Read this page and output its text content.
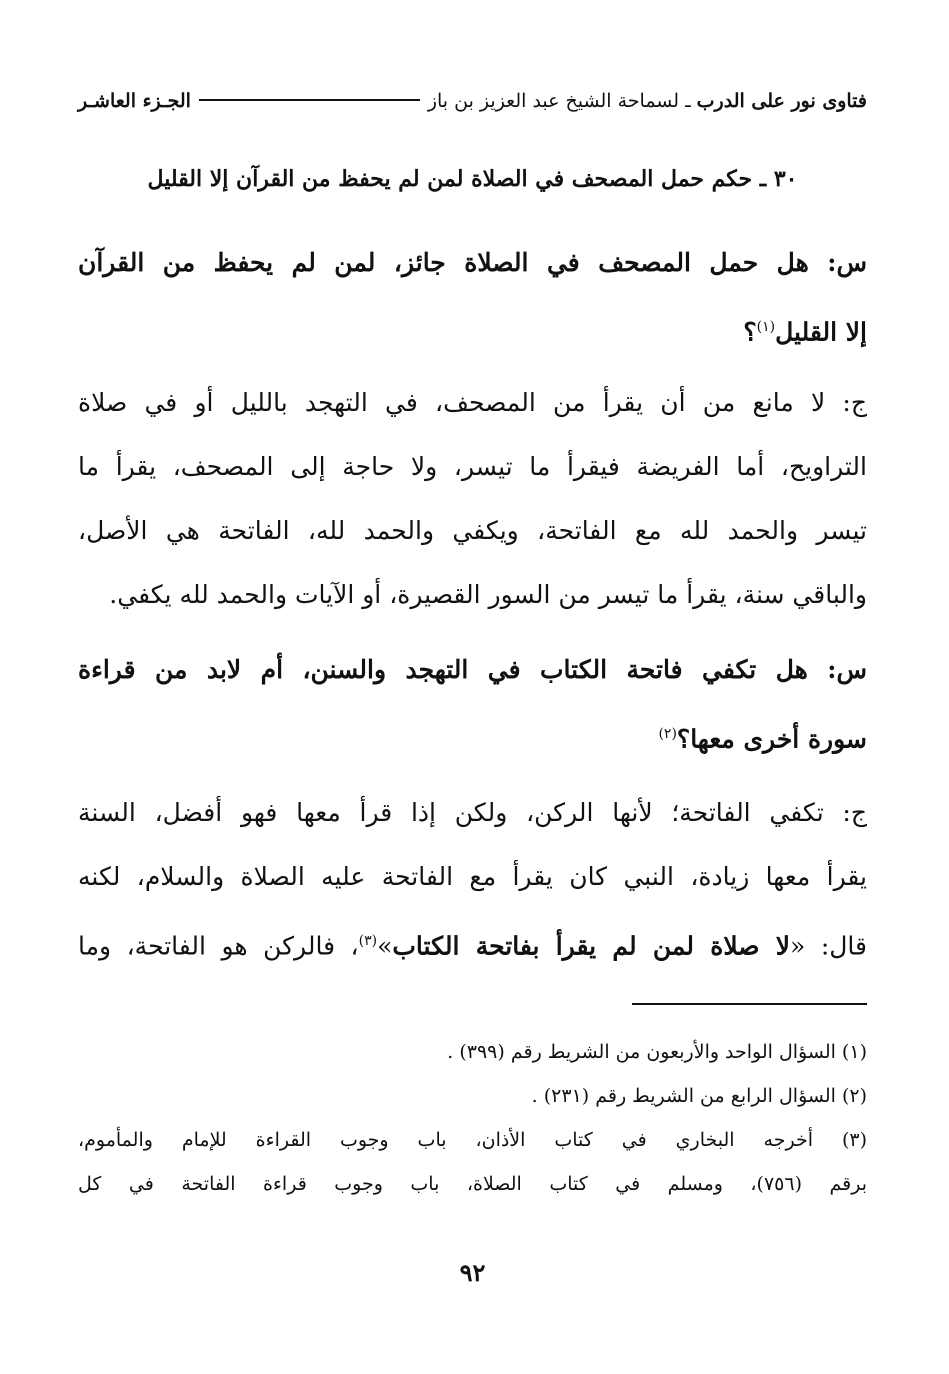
فتاوى نور على الدرب
ـ لسماحة الشيخ عبد العزيز بن باز
الجـزء العاشـر
٣٠ ـ حكم حمل المصحف في الصلاة لمن لم يحفظ من القرآن إلا القليل
س: هل حمل المصحف في الصلاة جائز، لمن لم يحفظ من القرآن
إلا القليل$^{(١)}$؟
ج: لا مانع من أن يقرأ من المصحف، في التهجد بالليل أو في صلاة
التراويح، أما الفريضة فيقرأ ما تيسر، ولا حاجة إلى المصحف، يقرأ ما
تيسر والحمد لله مع الفاتحة، ويكفي والحمد لله، الفاتحة هي الأصل،
والباقي سنة، يقرأ ما تيسر من السور القصيرة، أو الآيات والحمد لله يكفي.
س: هل تكفي فاتحة الكتاب في التهجد والسنن، أم لابد من قراءة
سورة أخرى معها؟$^{(٢)}$
ج: تكفي الفاتحة؛ لأنها الركن، ولكن إذا قرأ معها فهو أفضل، السنة
يقرأ معها زيادة، النبي كان يقرأ مع الفاتحة عليه الصلاة والسلام، لكنه
قال: «لا صلاة لمن لم يقرأ بفاتحة الكتاب»$^{(٣)}$، فالركن هو الفاتحة، وما
(١) السؤال الواحد والأربعون من الشريط رقم (٣٩٩) .
(٢) السؤال الرابع من الشريط رقم (٢٣١) .
(٣) أخرجه البخاري في كتاب الأذان، باب وجوب القراءة للإمام والمأموم،
برقم (٧٥٦)، ومسلم في كتاب الصلاة، باب وجوب قراءة الفاتحة في كل
٩٢
